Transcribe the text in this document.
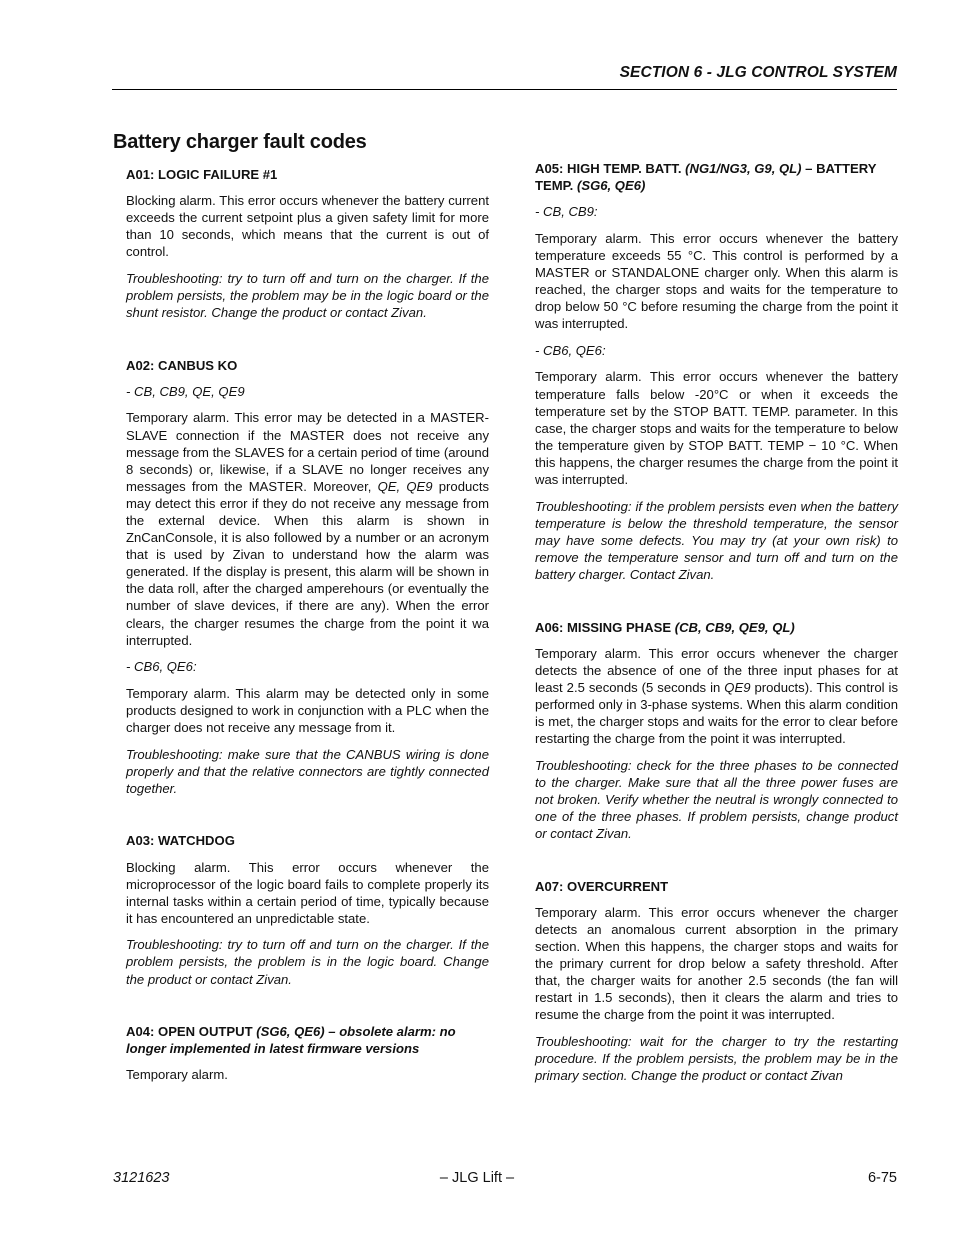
SECTION 6 - JLG CONTROL SYSTEM
Battery charger fault codes
A01: LOGIC FAILURE #1

Blocking alarm. This error occurs whenever the battery current exceeds the current setpoint plus a given safety limit for more than 10 seconds, which means that the current is out of control.

Troubleshooting: try to turn off and turn on the charger. If the problem persists, the problem may be in the logic board or the shunt resistor. Change the product or contact Zivan.

A02: CANBUS KO

- CB, CB9, QE, QE9

Temporary alarm. This error may be detected in a MASTER-SLAVE connection if the MASTER does not receive any message from the SLAVES for a certain period of time (around 8 seconds) or, likewise, if a SLAVE no longer receives any messages from the MASTER. Moreover, QE, QE9 products may detect this error if they do not receive any message from the external device. When this alarm is shown in ZnCanConsole, it is also followed by a number or an acronym that is used by Zivan to understand how the alarm was generated. If the display is present, this alarm will be shown in the data roll, after the charged amperehours (or eventually the number of slave devices, if there are any). When the error clears, the charger resumes the charge from the point it wa interrupted.

- CB6, QE6:

Temporary alarm. This alarm may be detected only in some products designed to work in conjunction with a PLC when the charger does not receive any message from it.

Troubleshooting: make sure that the CANBUS wiring is done properly and that the relative connectors are tightly connected together.

A03: WATCHDOG

Blocking alarm. This error occurs whenever the microprocessor of the logic board fails to complete properly its internal tasks within a certain period of time, typically because it has encountered an unpredictable state.

Troubleshooting: try to turn off and turn on the charger. If the problem persists, the problem is in the logic board. Change the product or contact Zivan.

A04: OPEN OUTPUT (SG6, QE6) – obsolete alarm: no longer implemented in latest firmware versions

Temporary alarm.

A05: HIGH TEMP. BATT. (NG1/NG3, G9, QL) – BATTERY TEMP. (SG6, QE6)

- CB, CB9:

Temporary alarm. This error occurs whenever the battery temperature exceeds 55 °C. This control is performed by a MASTER or STANDALONE charger only. When this alarm is reached, the charger stops and waits for the temperature to drop below 50 °C before resuming the charge from the point it was interrupted.

- CB6, QE6:

Temporary alarm. This error occurs whenever the battery temperature falls below -20°C or when it exceeds the temperature set by the STOP BATT. TEMP. parameter. In this case, the charger stops and waits for the temperature to below the temperature given by STOP BATT. TEMP − 10 °C. When this happens, the charger resumes the charge from the point it was interrupted.

Troubleshooting: if the problem persists even when the battery temperature is below the threshold temperature, the sensor may have some defects. You may try (at your own risk) to remove the temperature sensor and turn off and turn on the battery charger. Contact Zivan.

A06: MISSING PHASE (CB, CB9, QE9, QL)

Temporary alarm. This error occurs whenever the charger detects the absence of one of the three input phases for at least 2.5 seconds (5 seconds in QE9 products). This control is performed only in 3-phase systems. When this alarm condition is met, the charger stops and waits for the error to clear before restarting the charge from the point it was interrupted.

Troubleshooting: check for the three phases to be connected to the charger. Make sure that all the three power fuses are not broken. Verify whether the neutral is wrongly connected to one of the three phases. If problem persists, change product or contact Zivan.

A07: OVERCURRENT

Temporary alarm. This error occurs whenever the charger detects an anomalous current absorption in the primary section. When this happens, the charger stops and waits for the primary current for drop below a safety threshold. After that, the charger waits for another 2.5 seconds (the fan will restart in 1.5 seconds), then it clears the alarm and tries to resume the charge from the point it was interrupted.

Troubleshooting: wait for the charger to try the restarting procedure. If the problem persists, the problem may be in the primary section. Change the product or contact Zivan

3121623	– JLG Lift –	6-75
